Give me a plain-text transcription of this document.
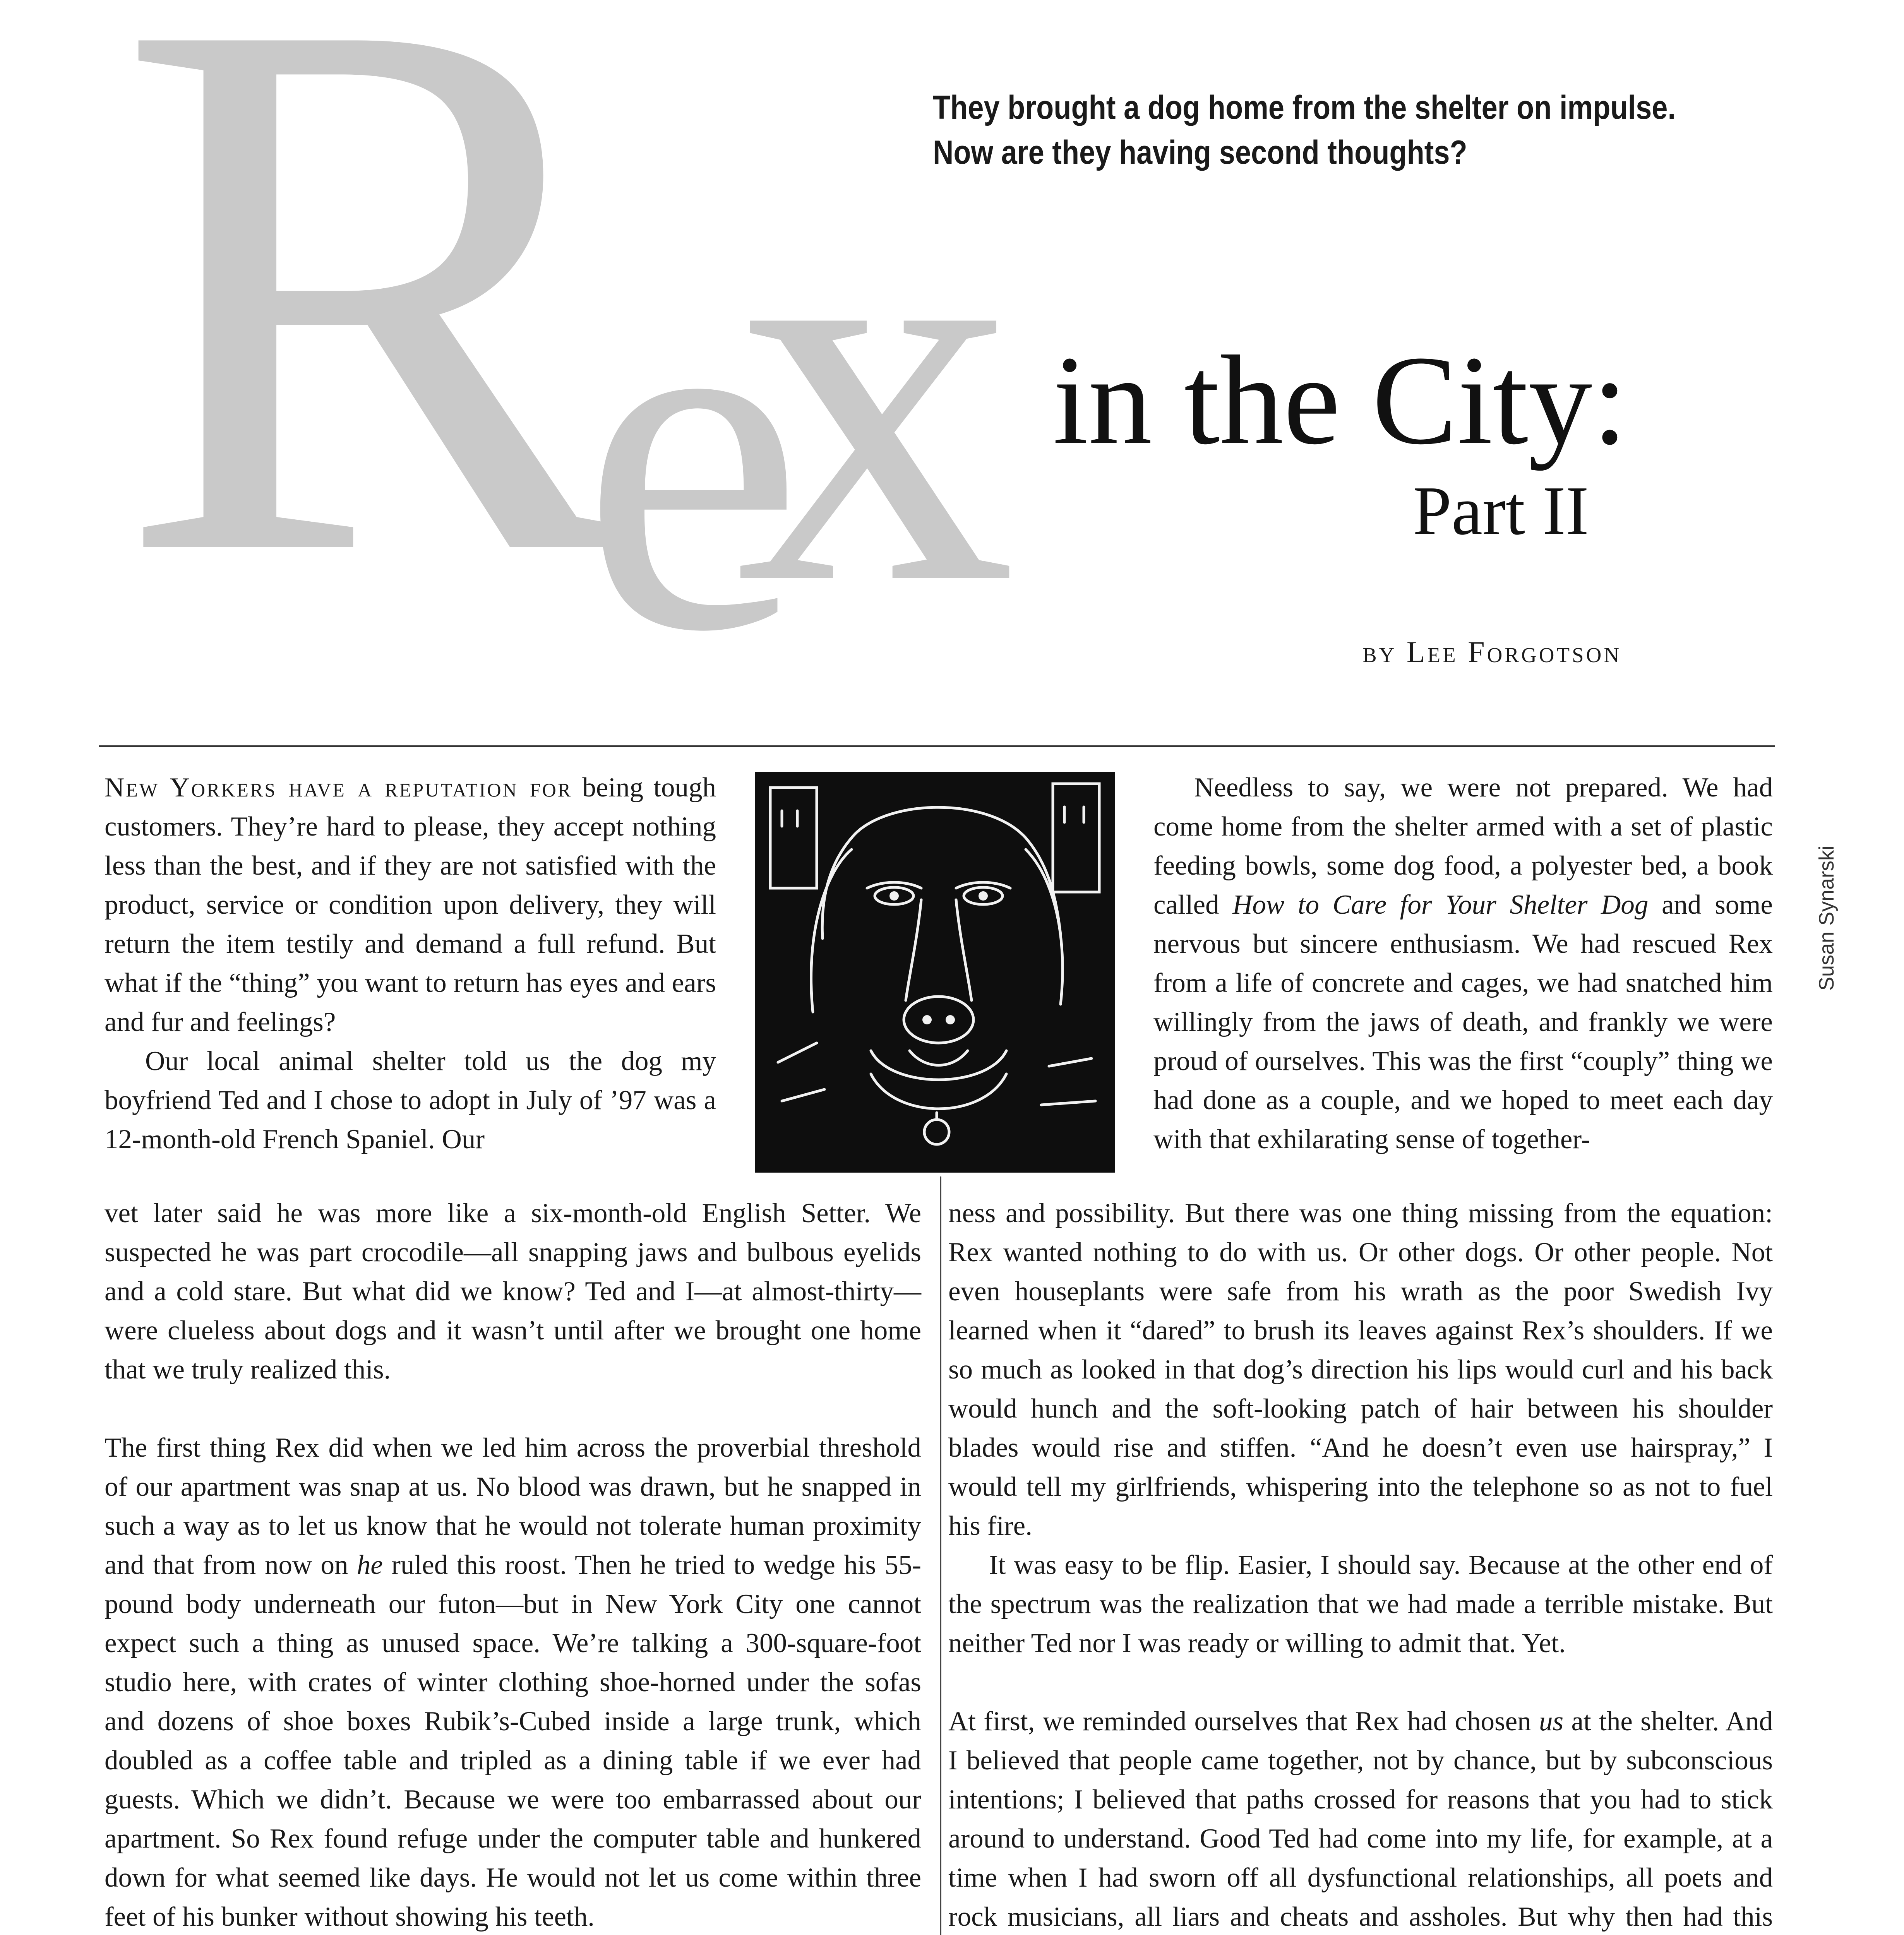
R x
e
They brought a dog home from the shelter on impulse.
Now are they having second thoughts?
in the City:
Part II
by Lee Forgotson

New Yorkers have a reputation for being tough customers. They’re hard to please, they accept nothing less than the best, and if they are not satisfied with the product, service or condition upon delivery, they will return the item testily and demand a full refund. But what if the “thing” you want to return has eyes and ears and fur and feelings?

Our local animal shelter told us the dog my boyfriend Ted and I chose to adopt in July of ’97 was a 12-month-old French Spaniel. Our

vet later said he was more like a six-month-old English Setter. We suspected he was part crocodile—all snapping jaws and bulbous eyelids and a cold stare. But what did we know? Ted and I—at almost-thirty—were clueless about dogs and it wasn’t until after we brought one home that we truly realized this.

The first thing Rex did when we led him across the proverbial threshold of our apartment was snap at us. No blood was drawn, but he snapped in such a way as to let us know that he would not tolerate human proximity and that from now on he ruled this roost. Then he tried to wedge his 55-pound body underneath our futon—but in New York City one cannot expect such a thing as unused space. We’re talking a 300-square-foot studio here, with crates of winter clothing shoe-horned under the sofas and dozens of shoe boxes Rubik’s-Cubed inside a large trunk, which doubled as a coffee table and tripled as a dining table if we ever had guests. Which we didn’t. Because we were too embarrassed about our apartment. So Rex found refuge under the computer table and hunkered down for what seemed like days. He would not let us come within three feet of his bunker without showing his teeth.

Needless to say, we were not prepared. We had come home from the shelter armed with a set of plastic feeding bowls, some dog food, a polyester bed, a book called How to Care for Your Shelter Dog and some nervous but sincere enthusiasm. We had rescued Rex from a life of concrete and cages, we had snatched him willingly from the jaws of death, and frankly we were proud of ourselves. This was the first “couply” thing we had done as a couple, and we hoped to meet each day with that exhilarating sense of together-

ness and possibility. But there was one thing missing from the equation: Rex wanted nothing to do with us. Or other dogs. Or other people. Not even houseplants were safe from his wrath as the poor Swedish Ivy learned when it “dared” to brush its leaves against Rex’s shoulders. If we so much as looked in that dog’s direction his lips would curl and his back would hunch and the soft-looking patch of hair between his shoulder blades would rise and stiffen. “And he doesn’t even use hairspray,” I would tell my girlfriends, whispering into the telephone so as not to fuel his fire.

It was easy to be flip. Easier, I should say. Because at the other end of the spectrum was the realization that we had made a terrible mistake. But neither Ted nor I was ready or willing to admit that. Yet.

At first, we reminded ourselves that Rex had chosen us at the shelter. And I believed that people came together, not by chance, but by subconscious intentions; I believed that paths crossed for reasons that you had to stick around to understand. Good Ted had come into my life, for example, at a time when I had sworn off all dysfunctional relationships, all poets and rock musicians, all liars and cheats and assholes. But why then had this

Susan Synarski
